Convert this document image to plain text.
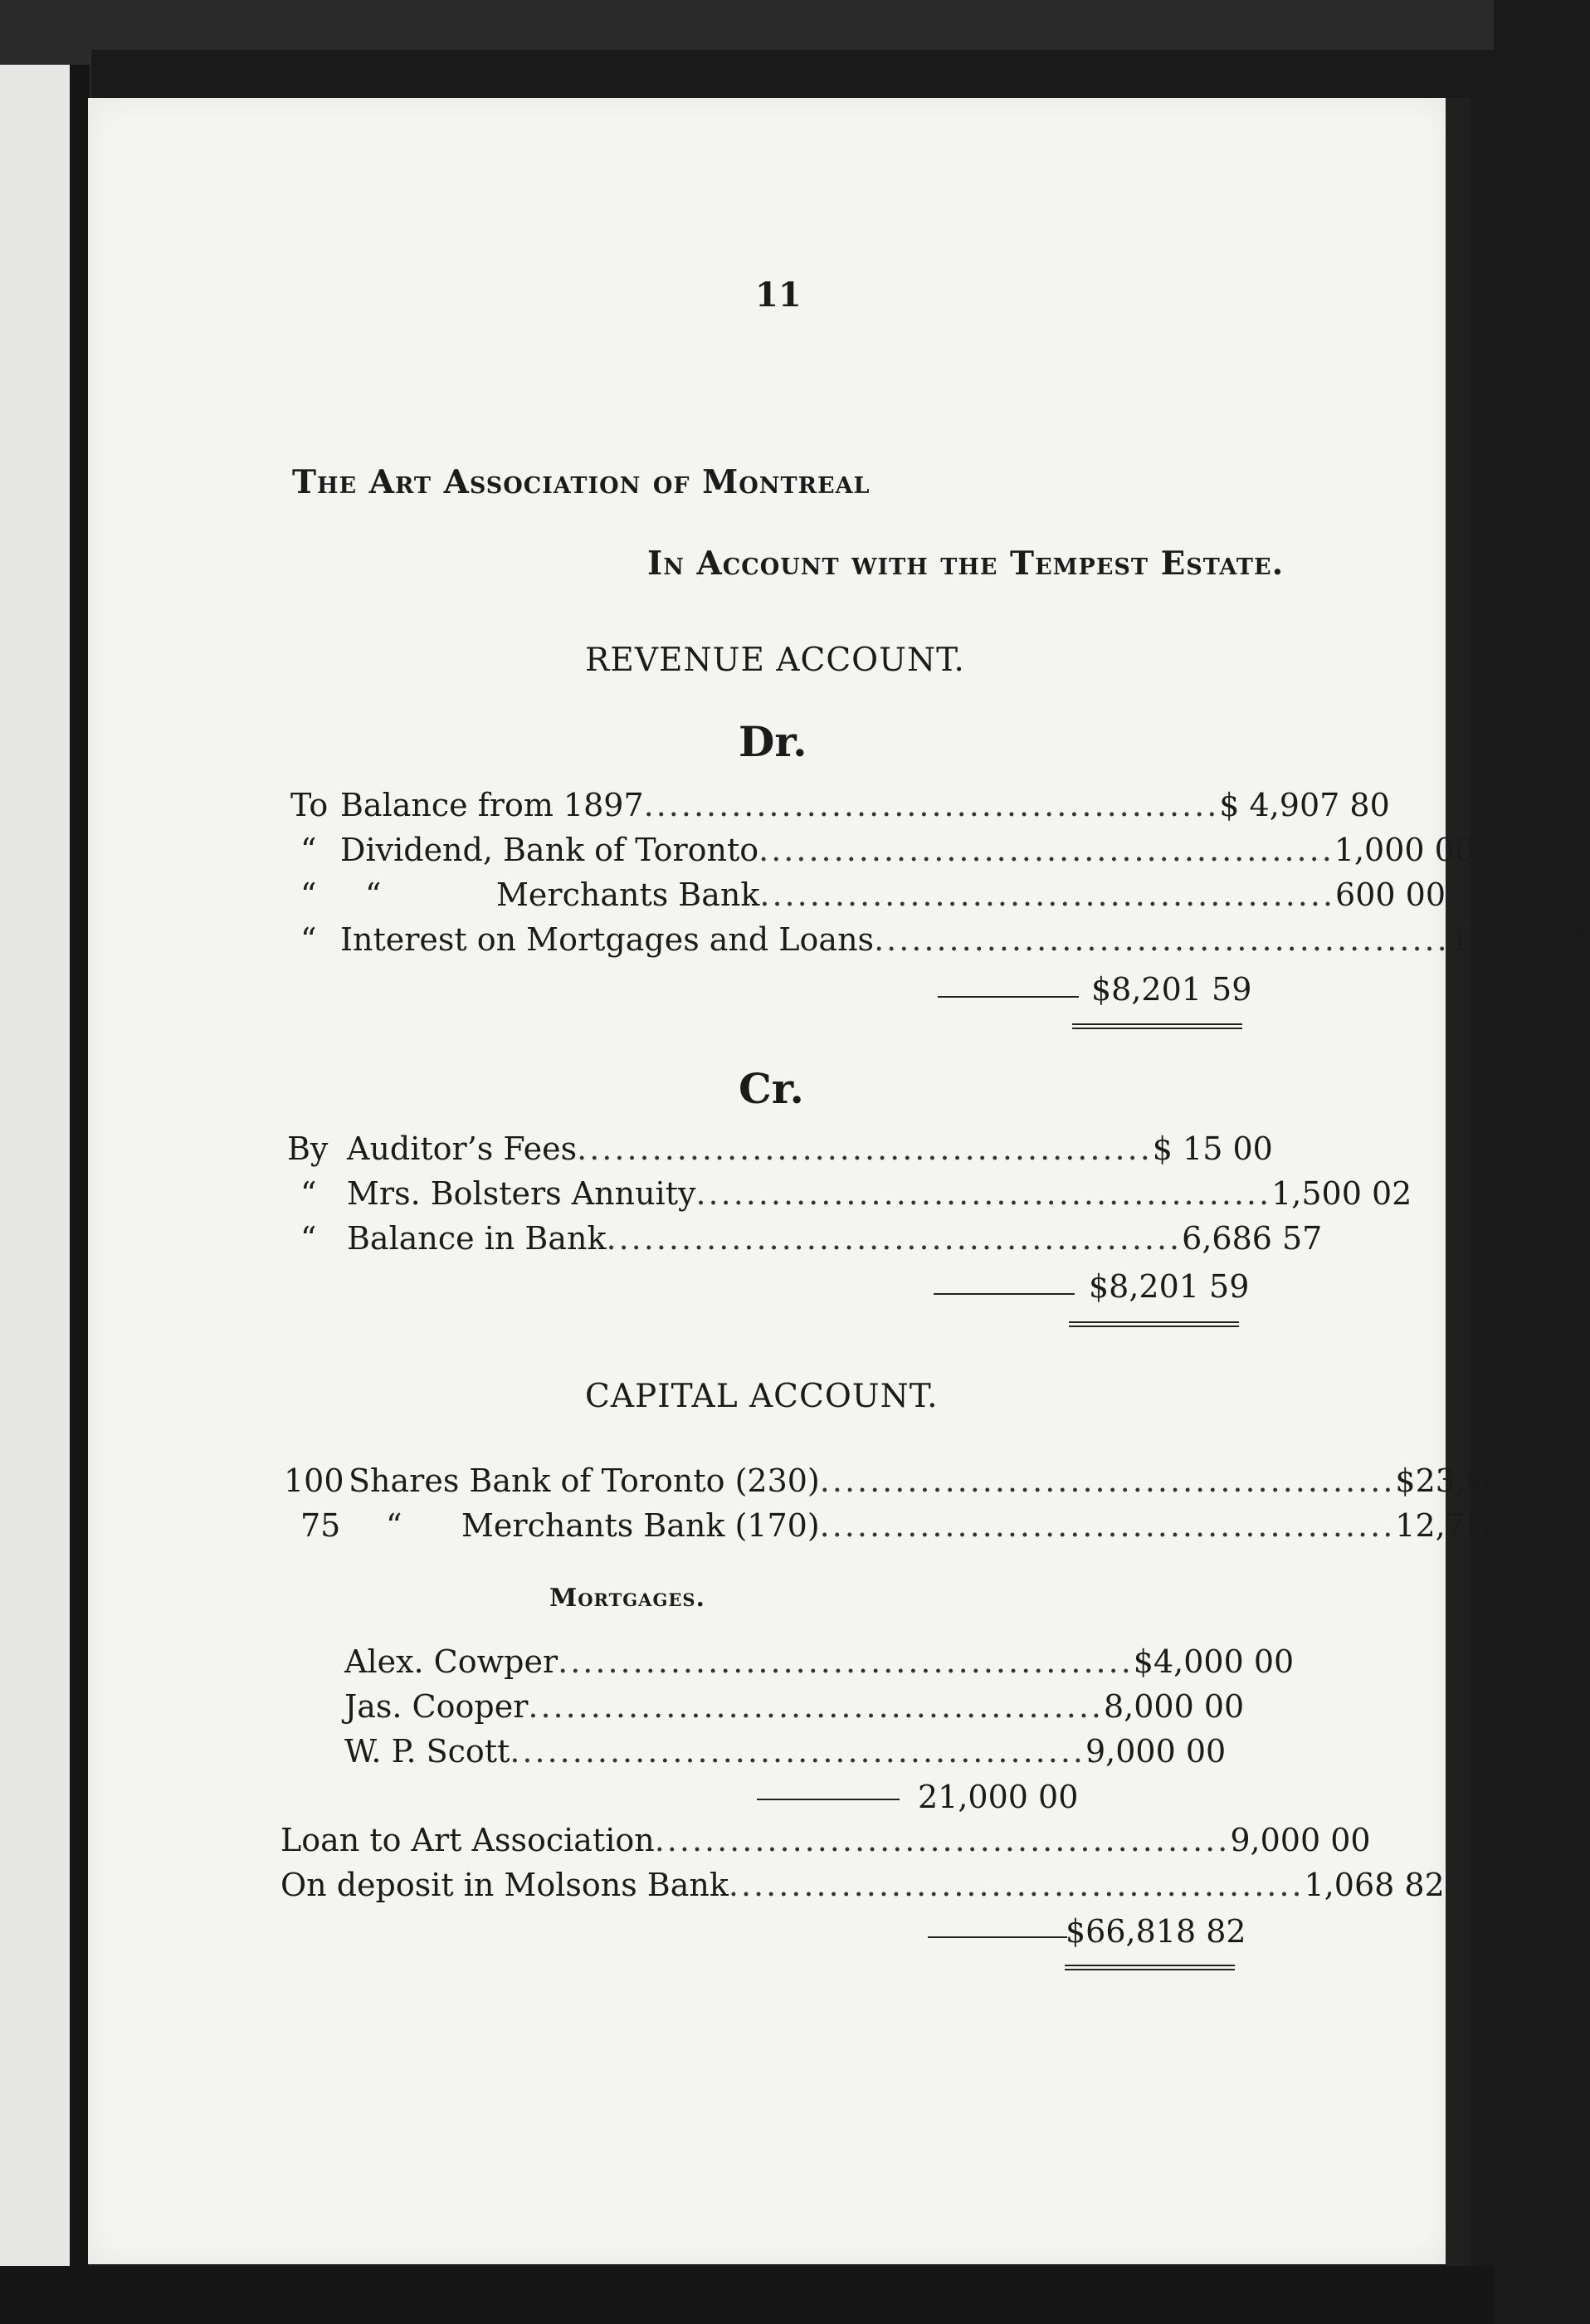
11
The Art Association of Montreal
In Account with the Tempest Estate.
REVENUE ACCOUNT.
Dr.
To Balance from 1897 .............................................. $ 4,907 80
“ Dividend, Bank of Toronto .............................................. 1,000 00
“ “	Merchants Bank .............................................. 600 00
“ Interest on Mortgages and Loans .............................................. 1,693 79
$8,201 59
Cr.
By Auditor’s Fees .............................................. $ 15 00
“ Mrs. Bolsters Annuity .............................................. 1,500 02
“ Balance in Bank .............................................. 6,686 57
$8,201 59
CAPITAL ACCOUNT.
100 Shares Bank of Toronto (230) .............................................. $23,000 00
75 “ Merchants Bank (170) .............................................. 12,750 00
Mortgages.
Alex. Cowper .............................................. $4,000 00
Jas. Cooper .............................................. 8,000 00
W. P. Scott .............................................. 9,000 00
21,000 00
Loan to Art Association .............................................. 9,000 00
On deposit in Molsons Bank .............................................. 1,068 82
$66,818 82
